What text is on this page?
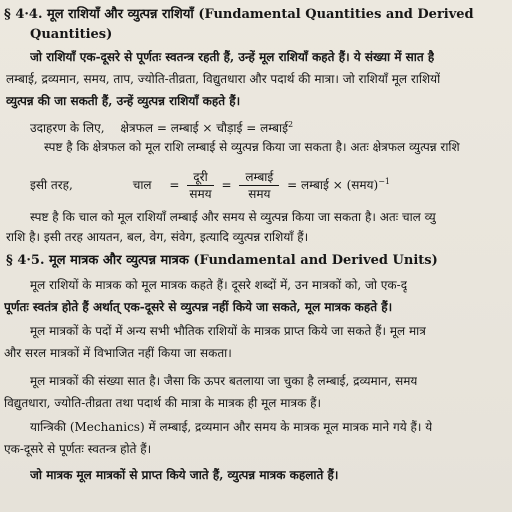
§ 4·4. मूल राशियाँ और व्युत्पन्न राशियाँ (Fundamental Quantities and Derived
Quantities)
जो राशियाँ एक-दूसरे से पूर्णतः स्वतन्त्र रहती हैं, उन्हें मूल राशियाँ कहते हैं। ये संख्या में सात है
लम्बाई, द्रव्यमान, समय, ताप, ज्योति-तीव्रता, विद्युतधारा और पदार्थ की मात्रा। जो राशियाँ मूल राशियों
व्युत्पन्न की जा सकती हैं, उन्हें व्युत्पन्न राशियाँ कहते हैं।
उदाहरण के लिए, क्षेत्रफल = लम्बाई × चौड़ाई = लम्बाई$^2$
स्पष्ट है कि क्षेत्रफल को मूल राशि लम्बाई से व्युत्पन्न किया जा सकता है। अतः क्षेत्रफल व्युत्पन्न राशि
इसी तरह,	चाल = $\frac{\text{दूरी}}{\text{समय}} = \frac{\text{लम्बाई}}{\text{समय}}$ = लम्बाई × (समय)$^{-1}$
स्पष्ट है कि चाल को मूल राशियाँ लम्बाई और समय से व्युत्पन्न किया जा सकता है। अतः चाल व्यु
राशि है। इसी तरह आयतन, बल, वेग, संवेग, इत्यादि व्युत्पन्न राशियाँ हैं।
§ 4·5. मूल मात्रक और व्युत्पन्न मात्रक (Fundamental and Derived Units)
मूल राशियों के मात्रक को मूल मात्रक कहते हैं। दूसरे शब्दों में, उन मात्रकों को, जो एक-दू
पूर्णतः स्वतंत्र होते हैं अर्थात् एक-दूसरे से व्युत्पन्न नहीं किये जा सकते, मूल मात्रक कहते हैं।
मूल मात्रकों के पदों में अन्य सभी भौतिक राशियों के मात्रक प्राप्त किये जा सकते हैं। मूल मात्र
और सरल मात्रकों में विभाजित नहीं किया जा सकता।
मूल मात्रकों की संख्या सात है। जैसा कि ऊपर बतलाया जा चुका है लम्बाई, द्रव्यमान, समय
विद्युतधारा, ज्योति-तीव्रता तथा पदार्थ की मात्रा के मात्रक ही मूल मात्रक हैं।
यान्त्रिकी (Mechanics) में लम्बाई, द्रव्यमान और समय के मात्रक मूल मात्रक माने गये हैं। ये
एक-दूसरे से पूर्णतः स्वतन्त्र होते हैं।
जो मात्रक मूल मात्रकों से प्राप्त किये जाते हैं, व्युत्पन्न मात्रक कहलाते हैं।
